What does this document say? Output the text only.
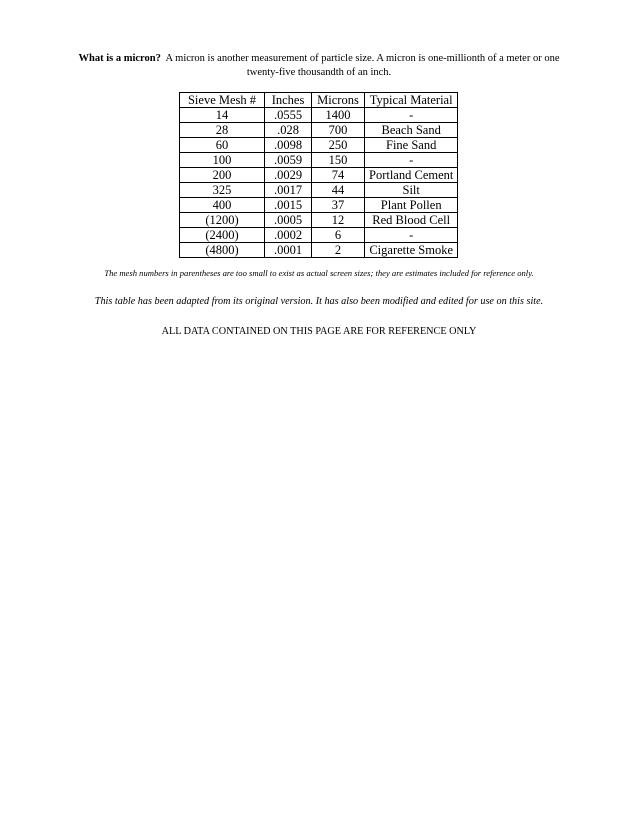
What is a micron? A micron is another measurement of particle size. A micron is one-millionth of a meter or one twenty-five thousandth of an inch.
Sieve Mesh #	Inches	Microns	Typical Material
14	.0555	1400	-
28	.028	700	Beach Sand
60	.0098	250	Fine Sand
100	.0059	150	-
200	.0029	74	Portland Cement
325	.0017	44	Silt
400	.0015	37	Plant Pollen
(1200)	.0005	12	Red Blood Cell
(2400)	.0002	6	-
(4800)	.0001	2	Cigarette Smoke
The mesh numbers in parentheses are too small to exist as actual screen sizes; they are estimates included for reference only.
This table has been adapted from its original version. It has also been modified and edited for use on this site.
ALL DATA CONTAINED ON THIS PAGE ARE FOR REFERENCE ONLY
